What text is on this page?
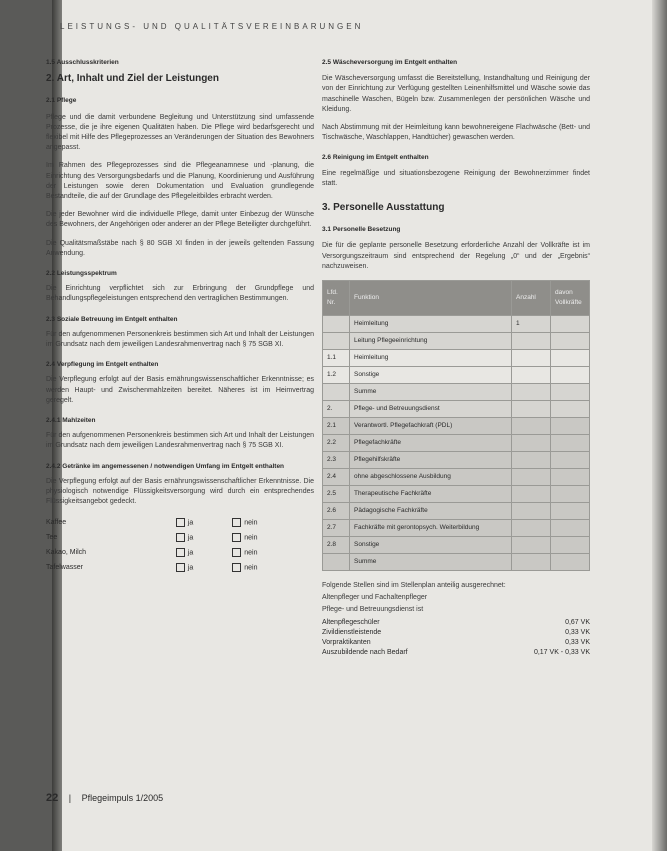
LEISTUNGS- UND QUALITÄTSVEREINBARUNGEN
1.5 Ausschlusskriterien
2. Art, Inhalt und Ziel der Leistungen
2.1 Pflege

Pflege und die damit verbundene Begleitung und Unterstützung sind umfassende Prozesse, die je ihre eigenen Qualitäten haben. Die Pflege wird bedarfsgerecht und flexibel mit Hilfe des Pflegeprozesses an Veränderungen der Situation des Bewohners angepasst.

Im Rahmen des Pflegeprozesses sind die Pflegeanamnese und -planung, die Einrichtung des Versorgungsbedarfs und die Planung, Koordinierung und Ausführung der Leistungen sowie deren Dokumentation und Evaluation grundlegende Bestandteile, die auf der Grundlage des Pflegeleitbildes erbracht werden.

Die jeder Bewohner wird die individuelle Pflege, damit unter Einbezug der Wünsche des Bewohners, der Angehörigen oder anderer an der Pflege Beteiligter durchgeführt.

Die Qualitätsmaßstäbe nach § 80 SGB XI finden in der jeweils geltenden Fassung Anwendung.

2.2 Leistungsspektrum

Die Einrichtung verpflichtet sich zur Erbringung der Grundpflege und Behandlungspflegeleistungen entsprechend den vertraglichen Bestimmungen.

2.3 Soziale Betreuung im Entgelt enthalten

Für den aufgenommenen Personenkreis bestimmen sich Art und Inhalt der Leistungen im Grundsatz nach dem jeweiligen Landesrahmenvertrag nach § 75 SGB XI.

2.4 Verpflegung im Entgelt enthalten

Die Verpflegung erfolgt auf der Basis ernährungswissenschaftlicher Erkenntnisse; es werden Haupt- und Zwischenmahlzeiten bereitet. Näheres ist im Heimvertrag geregelt.

2.4.1 Mahlzeiten

Für den aufgenommenen Personenkreis bestimmen sich Art und Inhalt der Leistungen im Grundsatz nach dem jeweiligen Landesrahmenvertrag nach § 75 SGB XI.

2.4.2 Getränke im angemessenen / notwendigen Umfang im Entgelt enthalten

Die Verpflegung erfolgt auf der Basis ernährungswissenschaftlicher Erkenntnisse. Die physiologisch notwendige Flüssigkeitsversorgung wird durch ein entsprechendes Flüssigkeitsangebot gedeckt.

Kaffee	ja	nein
Tee	ja	nein
Kakao, Milch	ja	nein
Tafelwasser	ja	nein
2.5 Wäscheversorgung im Entgelt enthalten

Die Wäscheversorgung umfasst die Bereitstellung, Instandhaltung und Reinigung der von der Einrichtung zur Verfügung gestellten Leinenhilfsmittel und Wäsche sowie das maschinelle Waschen, Bügeln bzw. Zusammenlegen der persönlichen Wäsche und Kleidung.

Nach Abstimmung mit der Heimleitung kann bewohnereigene Flachwäsche (Bett- und Tischwäsche, Waschlappen, Handtücher) gewaschen werden.

2.6 Reinigung im Entgelt enthalten

Eine regelmäßige und situationsbezogene Reinigung der Bewohnerzimmer findet statt.

3. Personelle Ausstattung
3.1 Personelle Besetzung

Die für die geplante personelle Besetzung erforderliche Anzahl der Vollkräfte ist im Versorgungszeitraum sind entsprechend der Regelung „0“ und der „Ergebnis“ nachzuweisen.

Lfd. Nr.	Funktion	Anzahl	davon Vollkräfte
	Heimleitung	1	
	Leitung Pflegeeinrichtung		
1.1	Heimleitung		
1.2	Sonstige		
	Summe		
2.	Pflege- und Betreuungsdienst		
2.1	Verantwortl. Pflegefachkraft (PDL)		
2.2	Pflegefachkräfte		
2.3	Pflegehilfskräfte		
2.4	ohne abgeschlossene Ausbildung		
2.5	Therapeutische Fachkräfte		
2.6	Pädagogische Fachkräfte		
2.7	Fachkräfte mit gerontopsych. Weiterbildung		
2.8	Sonstige		
	Summe		

Folgende Stellen sind im Stellenplan anteilig ausgerechnet:

Altenpfleger und Fachaltenpfleger

Pflege- und Betreuungsdienst ist

Altenpflegeschüler	0,67 VK
Zivildienstleistende	0,33 VK
Vorpraktikanten	0,33 VK
Auszubildende nach Bedarf	0,17 VK - 0,33 VK
22 | Pflegeimpuls 1/2005
